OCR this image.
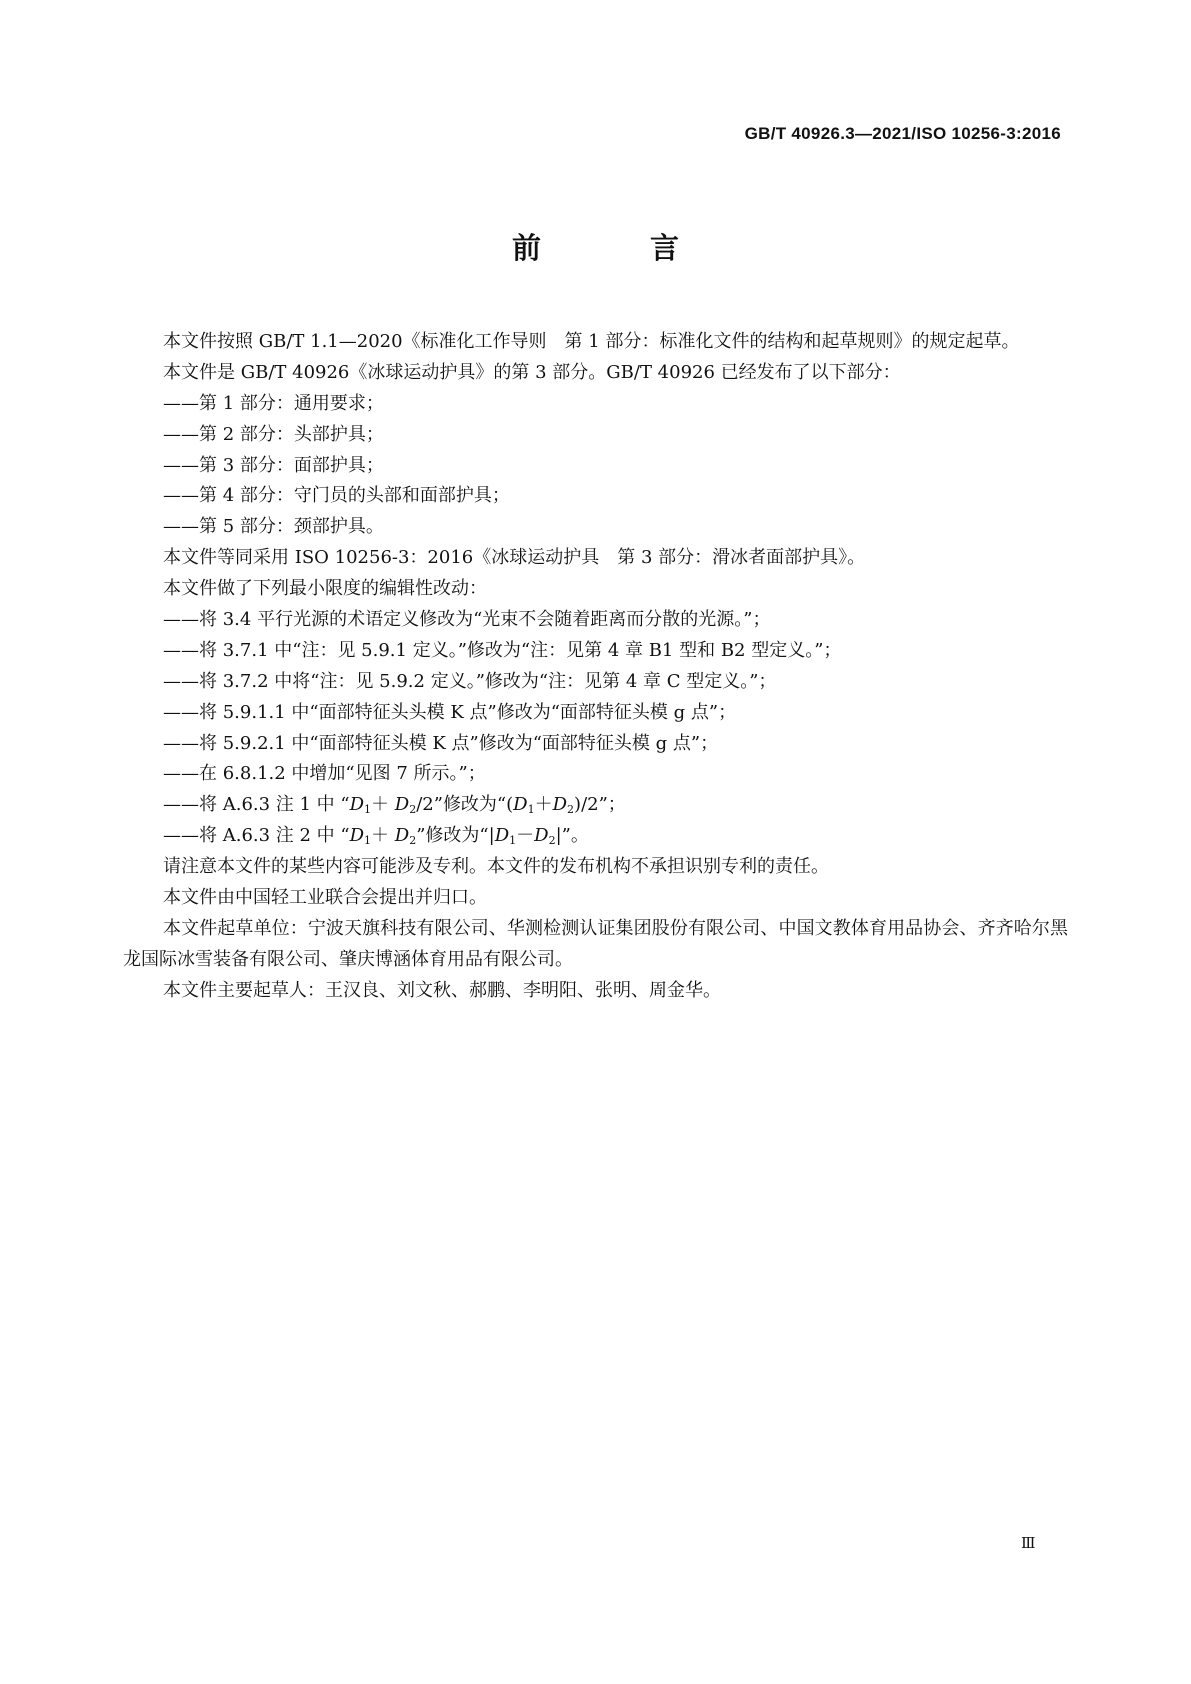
GB/T 40926.3—2021/ISO 10256-3:2016
前　言
本文件按照 GB/T 1.1—2020《标准化工作导则　第 1 部分：标准化文件的结构和起草规则》的规定起草。
本文件是 GB/T 40926《冰球运动护具》的第 3 部分。GB/T 40926 已经发布了以下部分：
——第 1 部分：通用要求；
——第 2 部分：头部护具；
——第 3 部分：面部护具；
——第 4 部分：守门员的头部和面部护具；
——第 5 部分：颈部护具。
本文件等同采用 ISO 10256-3：2016《冰球运动护具　第 3 部分：滑冰者面部护具》。
本文件做了下列最小限度的编辑性改动：
——将 3.4 平行光源的术语定义修改为“光束不会随着距离而分散的光源。”；
——将 3.7.1 中“注：见 5.9.1 定义。”修改为“注：见第 4 章 B1 型和 B2 型定义。”；
——将 3.7.2 中将“注：见 5.9.2 定义。”修改为“注：见第 4 章 C 型定义。”；
——将 5.9.1.1 中“面部特征头头模 K 点”修改为“面部特征头模 g 点”；
——将 5.9.2.1 中“面部特征头模 K 点”修改为“面部特征头模 g 点”；
——在 6.8.1.2 中增加“见图 7 所示。”；
——将 A.6.3 注 1 中 “$D_1+ D_2/2$”修改为“$(D_1+D_2)/2$”；
——将 A.6.3 注 2 中 “$D_1+ D_2$”修改为“$|D_1-D_2|$”。
请注意本文件的某些内容可能涉及专利。本文件的发布机构不承担识别专利的责任。
本文件由中国轻工业联合会提出并归口。
本文件起草单位：宁波天旗科技有限公司、华测检测认证集团股份有限公司、中国文教体育用品协会、齐齐哈尔黑龙国际冰雪装备有限公司、肇庆博涵体育用品有限公司。
本文件主要起草人：王汉良、刘文秋、郝鹏、李明阳、张明、周金华。
Ⅲ
